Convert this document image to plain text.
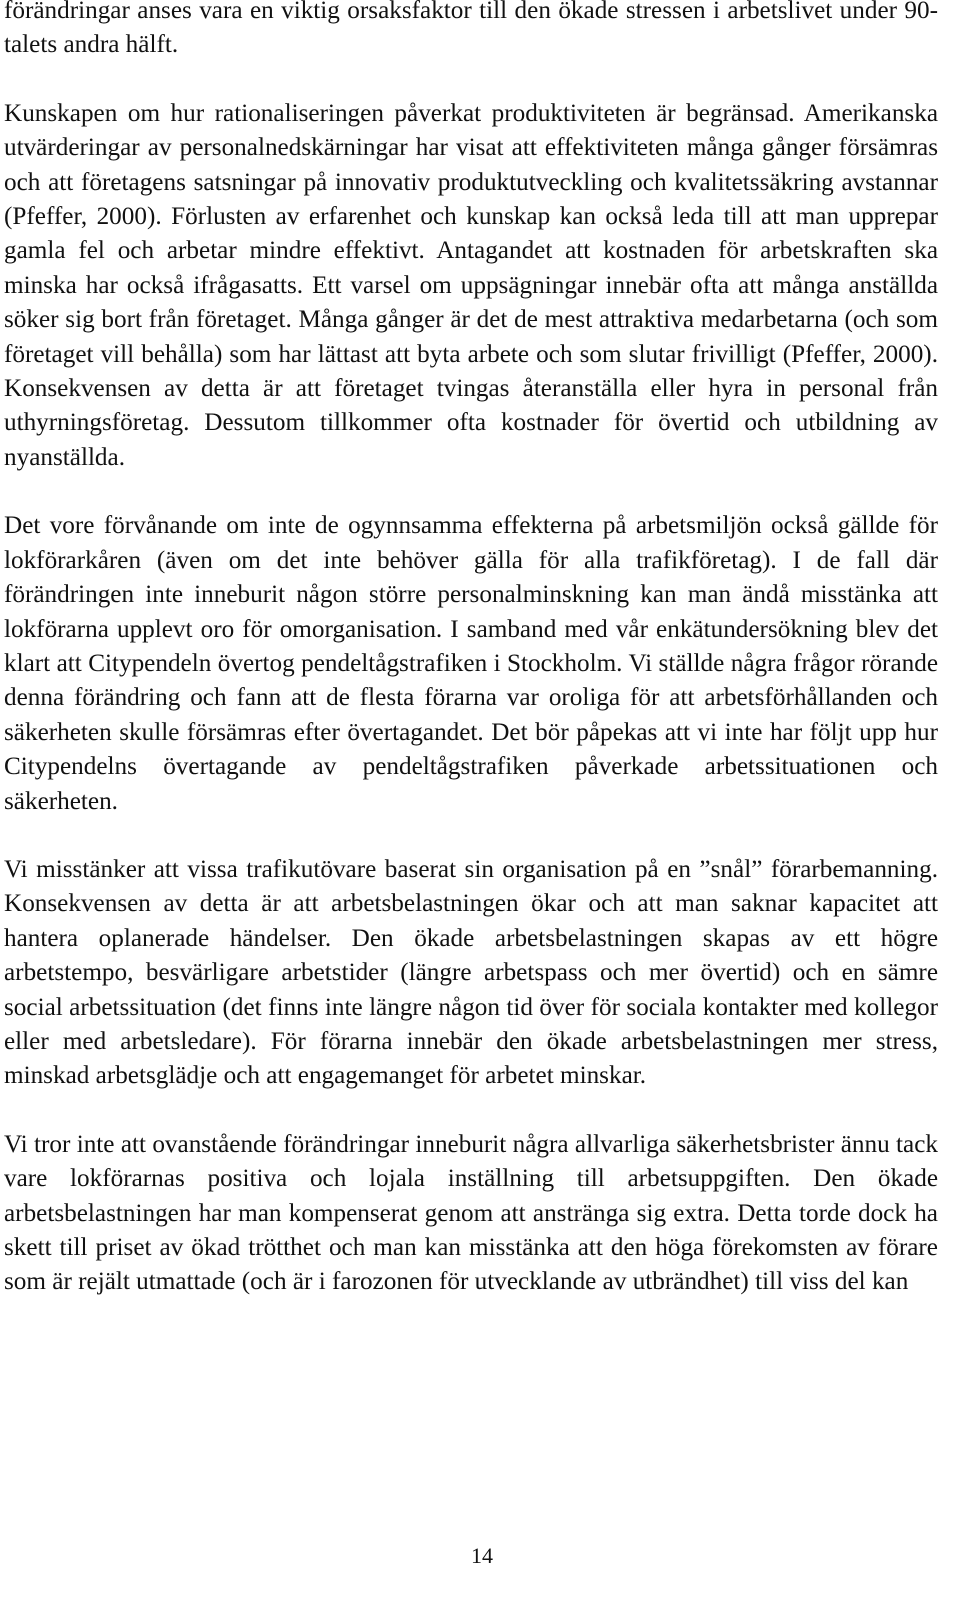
förändringar anses vara en viktig orsaksfaktor till den ökade stressen i arbetslivet under 90-talets andra hälft.

Kunskapen om hur rationaliseringen påverkat produktiviteten är begränsad. Amerikanska utvärderingar av personalnedskärningar har visat att effektiviteten många gånger försämras och att företagens satsningar på innovativ produktutveckling och kvalitetssäkring avstannar (Pfeffer, 2000). Förlusten av erfarenhet och kunskap kan också leda till att man upprepar gamla fel och arbetar mindre effektivt. Antagandet att kostnaden för arbetskraften ska minska har också ifrågasatts. Ett varsel om uppsägningar innebär ofta att många anställda söker sig bort från företaget. Många gånger är det de mest attraktiva medarbetarna (och som företaget vill behålla) som har lättast att byta arbete och som slutar frivilligt (Pfeffer, 2000). Konsekvensen av detta är att företaget tvingas återanställa eller hyra in personal från uthyrningsföretag. Dessutom tillkommer ofta kostnader för övertid och utbildning av nyanställda.

Det vore förvånande om inte de ogynnsamma effekterna på arbetsmiljön också gällde för lokförarkåren (även om det inte behöver gälla för alla trafikföretag). I de fall där förändringen inte inneburit någon större personalminskning kan man ändå misstänka att lokförarna upplevt oro för omorganisation. I samband med vår enkätundersökning blev det klart att Citypendeln övertog pendeltågstrafiken i Stockholm. Vi ställde några frågor rörande denna förändring och fann att de flesta förarna var oroliga för att arbetsförhållanden och säkerheten skulle försämras efter övertagandet. Det bör påpekas att vi inte har följt upp hur Citypendelns övertagande av pendeltågstrafiken påverkade arbetssituationen och säkerheten.

Vi misstänker att vissa trafikutövare baserat sin organisation på en ”snål” förarbemanning. Konsekvensen av detta är att arbetsbelastningen ökar och att man saknar kapacitet att hantera oplanerade händelser. Den ökade arbetsbelastningen skapas av ett högre arbetstempo, besvärligare arbetstider (längre arbetspass och mer övertid) och en sämre social arbetssituation (det finns inte längre någon tid över för sociala kontakter med kollegor eller med arbetsledare). För förarna innebär den ökade arbetsbelastningen mer stress, minskad arbetsglädje och att engagemanget för arbetet minskar.

Vi tror inte att ovanstående förändringar inneburit några allvarliga säkerhetsbrister ännu tack vare lokförarnas positiva och lojala inställning till arbetsuppgiften. Den ökade arbetsbelastningen har man kompenserat genom att anstränga sig extra. Detta torde dock ha skett till priset av ökad trötthet och man kan misstänka att den höga förekomsten av förare som är rejält utmattade (och är i farozonen för utvecklande av utbrändhet) till viss del kan

14
